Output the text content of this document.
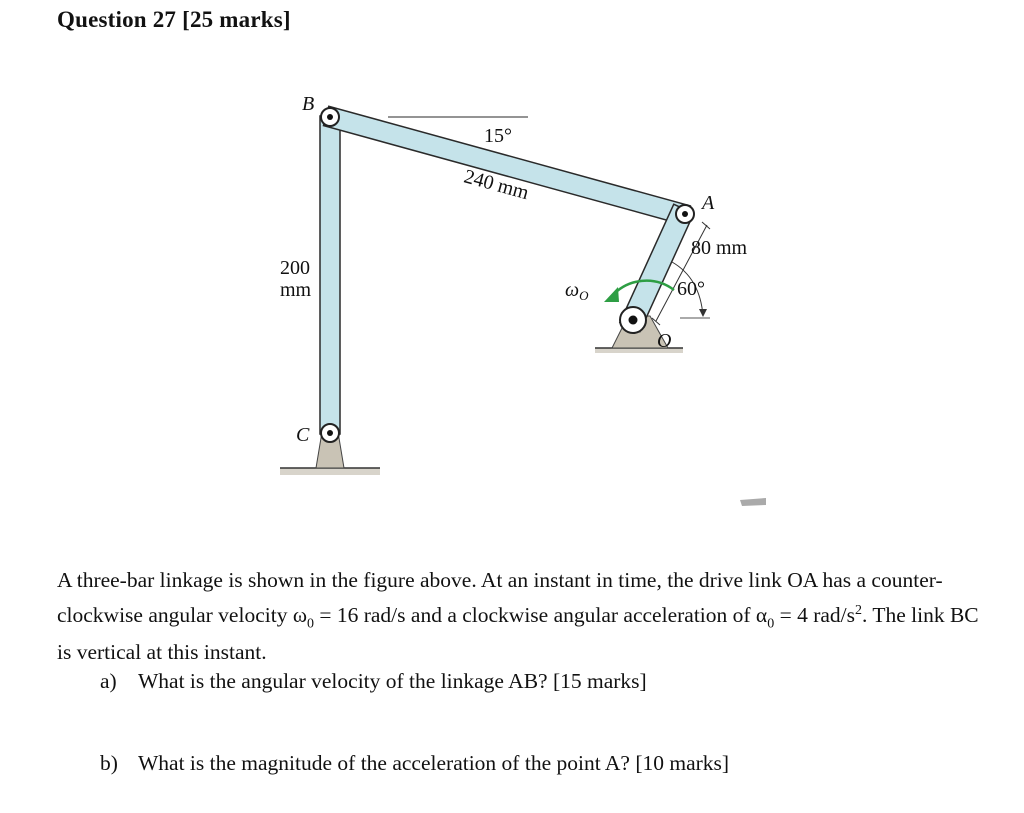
Question 27 [25 marks]
B
C
A
O
15°
240 mm
80 mm
200
mm	60°
$\omega_O$
A three-bar linkage is shown in the figure above. At an instant in time, the drive link OA has a counter-clockwise angular velocity $\omega_0 = 16$ rad/s and a clockwise angular acceleration of $\alpha_0 = 4$ rad/$s^2$. The link BC is vertical at this instant.
a) What is the angular velocity of the linkage AB? [15 marks]
b) What is the magnitude of the acceleration of the point A? [10 marks]
